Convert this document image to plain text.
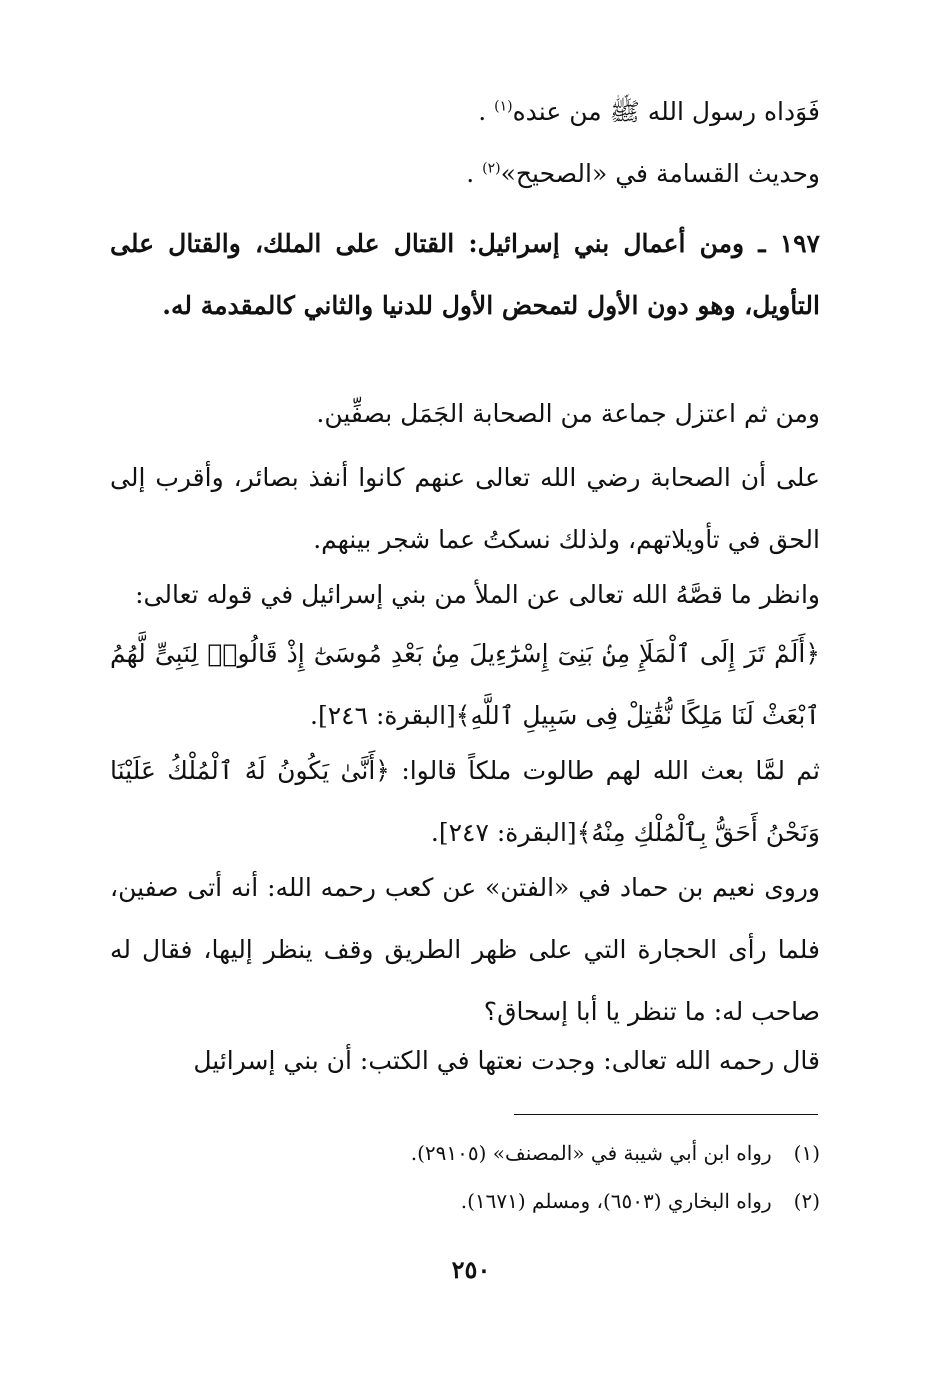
فَوَداه رسول الله ﷺ من عنده$^{(١)}$ .

وحديث القسامة في «الصحيح»$^{(٢)}$ .

١٩٧ ـ ومن أعمال بني إسرائيل: القتال على الملك، والقتال على التأويل، وهو دون الأول لتمحض الأول للدنيا والثاني كالمقدمة له.

ومن ثم اعتزل جماعة من الصحابة الجَمَل بصفِّين.

على أن الصحابة رضي الله تعالى عنهم كانوا أنفذ بصائر، وأقرب إلى الحق في تأويلاتهم، ولذلك نسكتُ عما شجر بينهم.

وانظر ما قصَّهُ الله تعالى عن الملأ من بني إسرائيل في قوله تعالى:

﴿أَلَمْ تَرَ إِلَى ٱلْمَلَإِ مِنۢ بَنِىٓ إِسْرَٰٓءِيلَ مِنۢ بَعْدِ مُوسَىٰٓ إِذْ قَالُوا۟ لِنَبِىٍّ لَّهُمُ ٱبْعَثْ لَنَا مَلِكًا نُّقَٰتِلْ فِى سَبِيلِ ٱللَّهِ﴾[البقرة: ٢٤٦].

ثم لمَّا بعث الله لهم طالوت ملكاً قالوا: ﴿أَنَّىٰ يَكُونُ لَهُ ٱلْمُلْكُ عَلَيْنَا وَنَحْنُ أَحَقُّ بِٱلْمُلْكِ مِنْهُ﴾[البقرة: ٢٤٧].

وروى نعيم بن حماد في «الفتن» عن كعب رحمه الله: أنه أتى صفين، فلما رأى الحجارة التي على ظهر الطريق وقف ينظر إليها، فقال له صاحب له: ما تنظر يا أبا إسحاق؟

قال رحمه الله تعالى: وجدت نعتها في الكتب: أن بني إسرائيل

(١)رواه ابن أبي شيبة في «المصنف» (٢٩١٠٥).

(٢)رواه البخاري (٦٥٠٣)، ومسلم (١٦٧١).

٢٥٠
